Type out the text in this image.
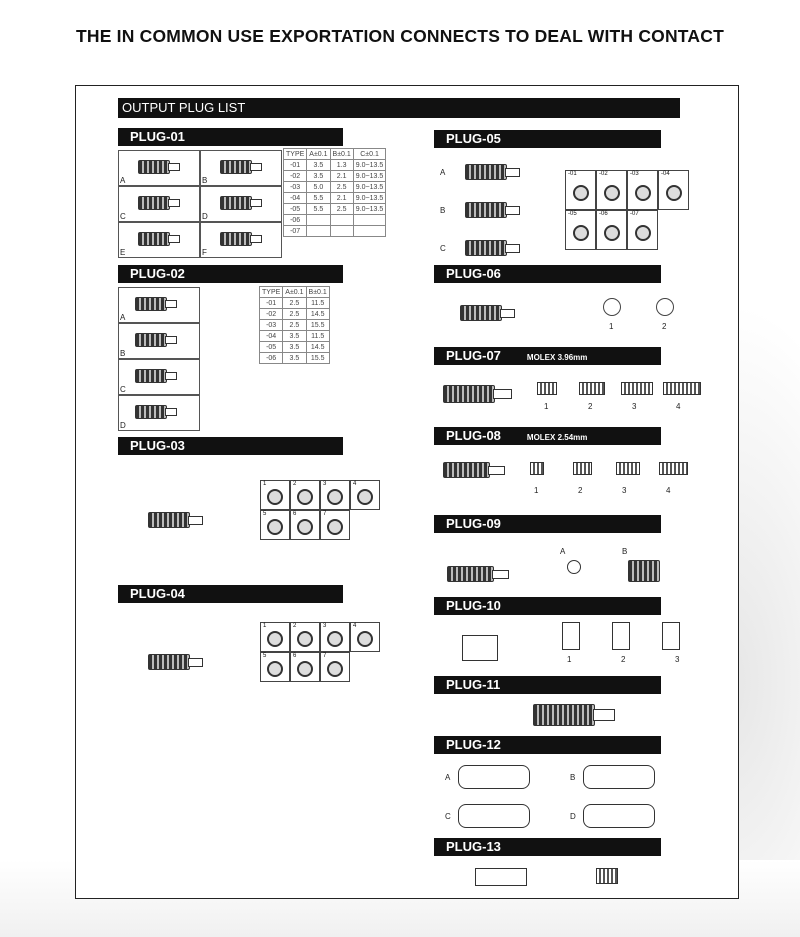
THE IN COMMON USE EXPORTATION CONNECTS TO DEAL WITH CONTACT
OUTPUT PLUG LIST
PLUG-01
PLUG-02
PLUG-03
PLUG-04
PLUG-05
PLUG-06
PLUG-07	MOLEX 3.96mm
PLUG-08	MOLEX 2.54mm
PLUG-09
PLUG-10
PLUG-11
PLUG-12
PLUG-13
TYPE	A±0.1	B±0.1	C±0.1
-01	3.5	1.3	9.0~13.5
-02	3.5	2.1	9.0~13.5
-03	5.0	2.5	9.0~13.5
-04	5.5	2.1	9.0~13.5
-05	5.5	2.5	9.0~13.5
-06			
-07			
TYPE	A±0.1	B±0.1
-01	2.5	11.5
-02	2.5	14.5
-03	2.5	15.5
-04	3.5	11.5
-05	3.5	14.5
-06	3.5	15.5
A	B
C	D
E	F
A
B
C
D
1	2	3	4
5	6	7
1	2	3	4
5	6	7
A
B
C
-01	-02	-03	-04
-05	-06	-07
1	2
1
1
2
2
3
3
4
4
A	B
1	2	3
A	B
C	D
